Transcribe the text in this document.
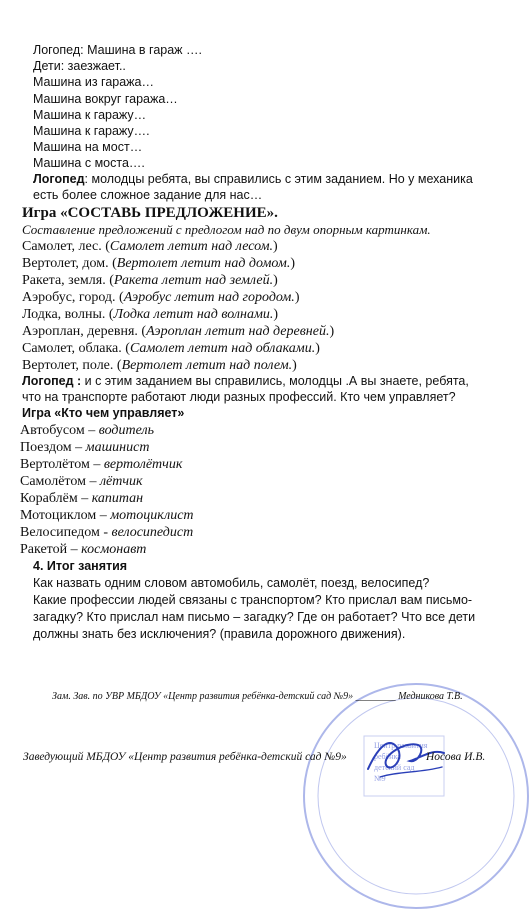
Логопед: Машина в гараж ….
Дети: заезжает..
Машина из гаража…
Машина вокруг гаража…
Машина к гаражу…
Машина к гаражу….
Машина на мост…
Машина с моста….
Логопед: молодцы ребята, вы справились с этим заданием. Но у механика
есть более сложное задание для нас…
Игра «СОСТАВЬ ПРЕДЛОЖЕНИЕ».
Составление предложений с предлогом над по двум опорным картинкам.
Самолет, лес. (Самолет летит над лесом.)
Вертолет, дом. (Вертолет летит над домом.)
Ракета, земля. (Ракета летит над землей.)
Аэробус, город. (Аэробус летит над городом.)
Лодка, волны. (Лодка летит над волнами.)
Аэроплан, деревня. (Аэроплан летит над деревней.)
Самолет, облака. (Самолет летит над облаками.)
Вертолет, поле. (Вертолет летит над полем.)
Логопед : и с этим заданием вы справились, молодцы .А вы знаете, ребята,
что на транспорте работают люди разных профессий. Кто чем управляет?
Игра «Кто чем управляет»
Автобусом – водитель
Поездом – машинист
Вертолётом – вертолётчик
Самолётом – лётчик
Кораблём – капитан
Мотоциклом – мотоциклист
Велосипедом - велосипедист
Ракетой – космонавт
4. Итог занятия
Как назвать одним словом автомобиль, самолёт, поезд, велосипед?
Какие профессии людей связаны с транспортом? Кто прислал вам письмо-
загадку? Кто прислал нам письмо – загадку? Где он работает? Что все дети
должны знать без исключения? (правила дорожного движения).
Центр развития
ребёнка
детский сад
№9
Зам. Зав. по УВР МБДОУ «Центр развития ребёнка-детский сад №9» ________ Медникова Т.В.
Заведующий МБДОУ «Центр развития ребёнка-детский сад №9»	Носова И.В.
